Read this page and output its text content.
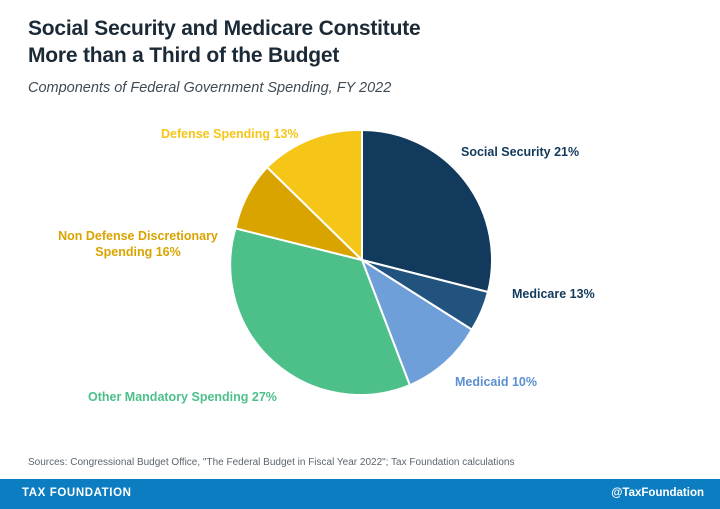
Social Security and Medicare Constitute
More than a Third of the Budget
Components of Federal Government Spending, FY 2022
Social Security 21%
Medicare 13%
Medicaid 10%
Other Mandatory Spending 27%
Non Defense Discretionary
Spending 16%
Defense Spending 13%
Sources: Congressional Budget Office, "The Federal Budget in Fiscal Year 2022"; Tax Foundation calculations
TAX FOUNDATION	@TaxFoundation
